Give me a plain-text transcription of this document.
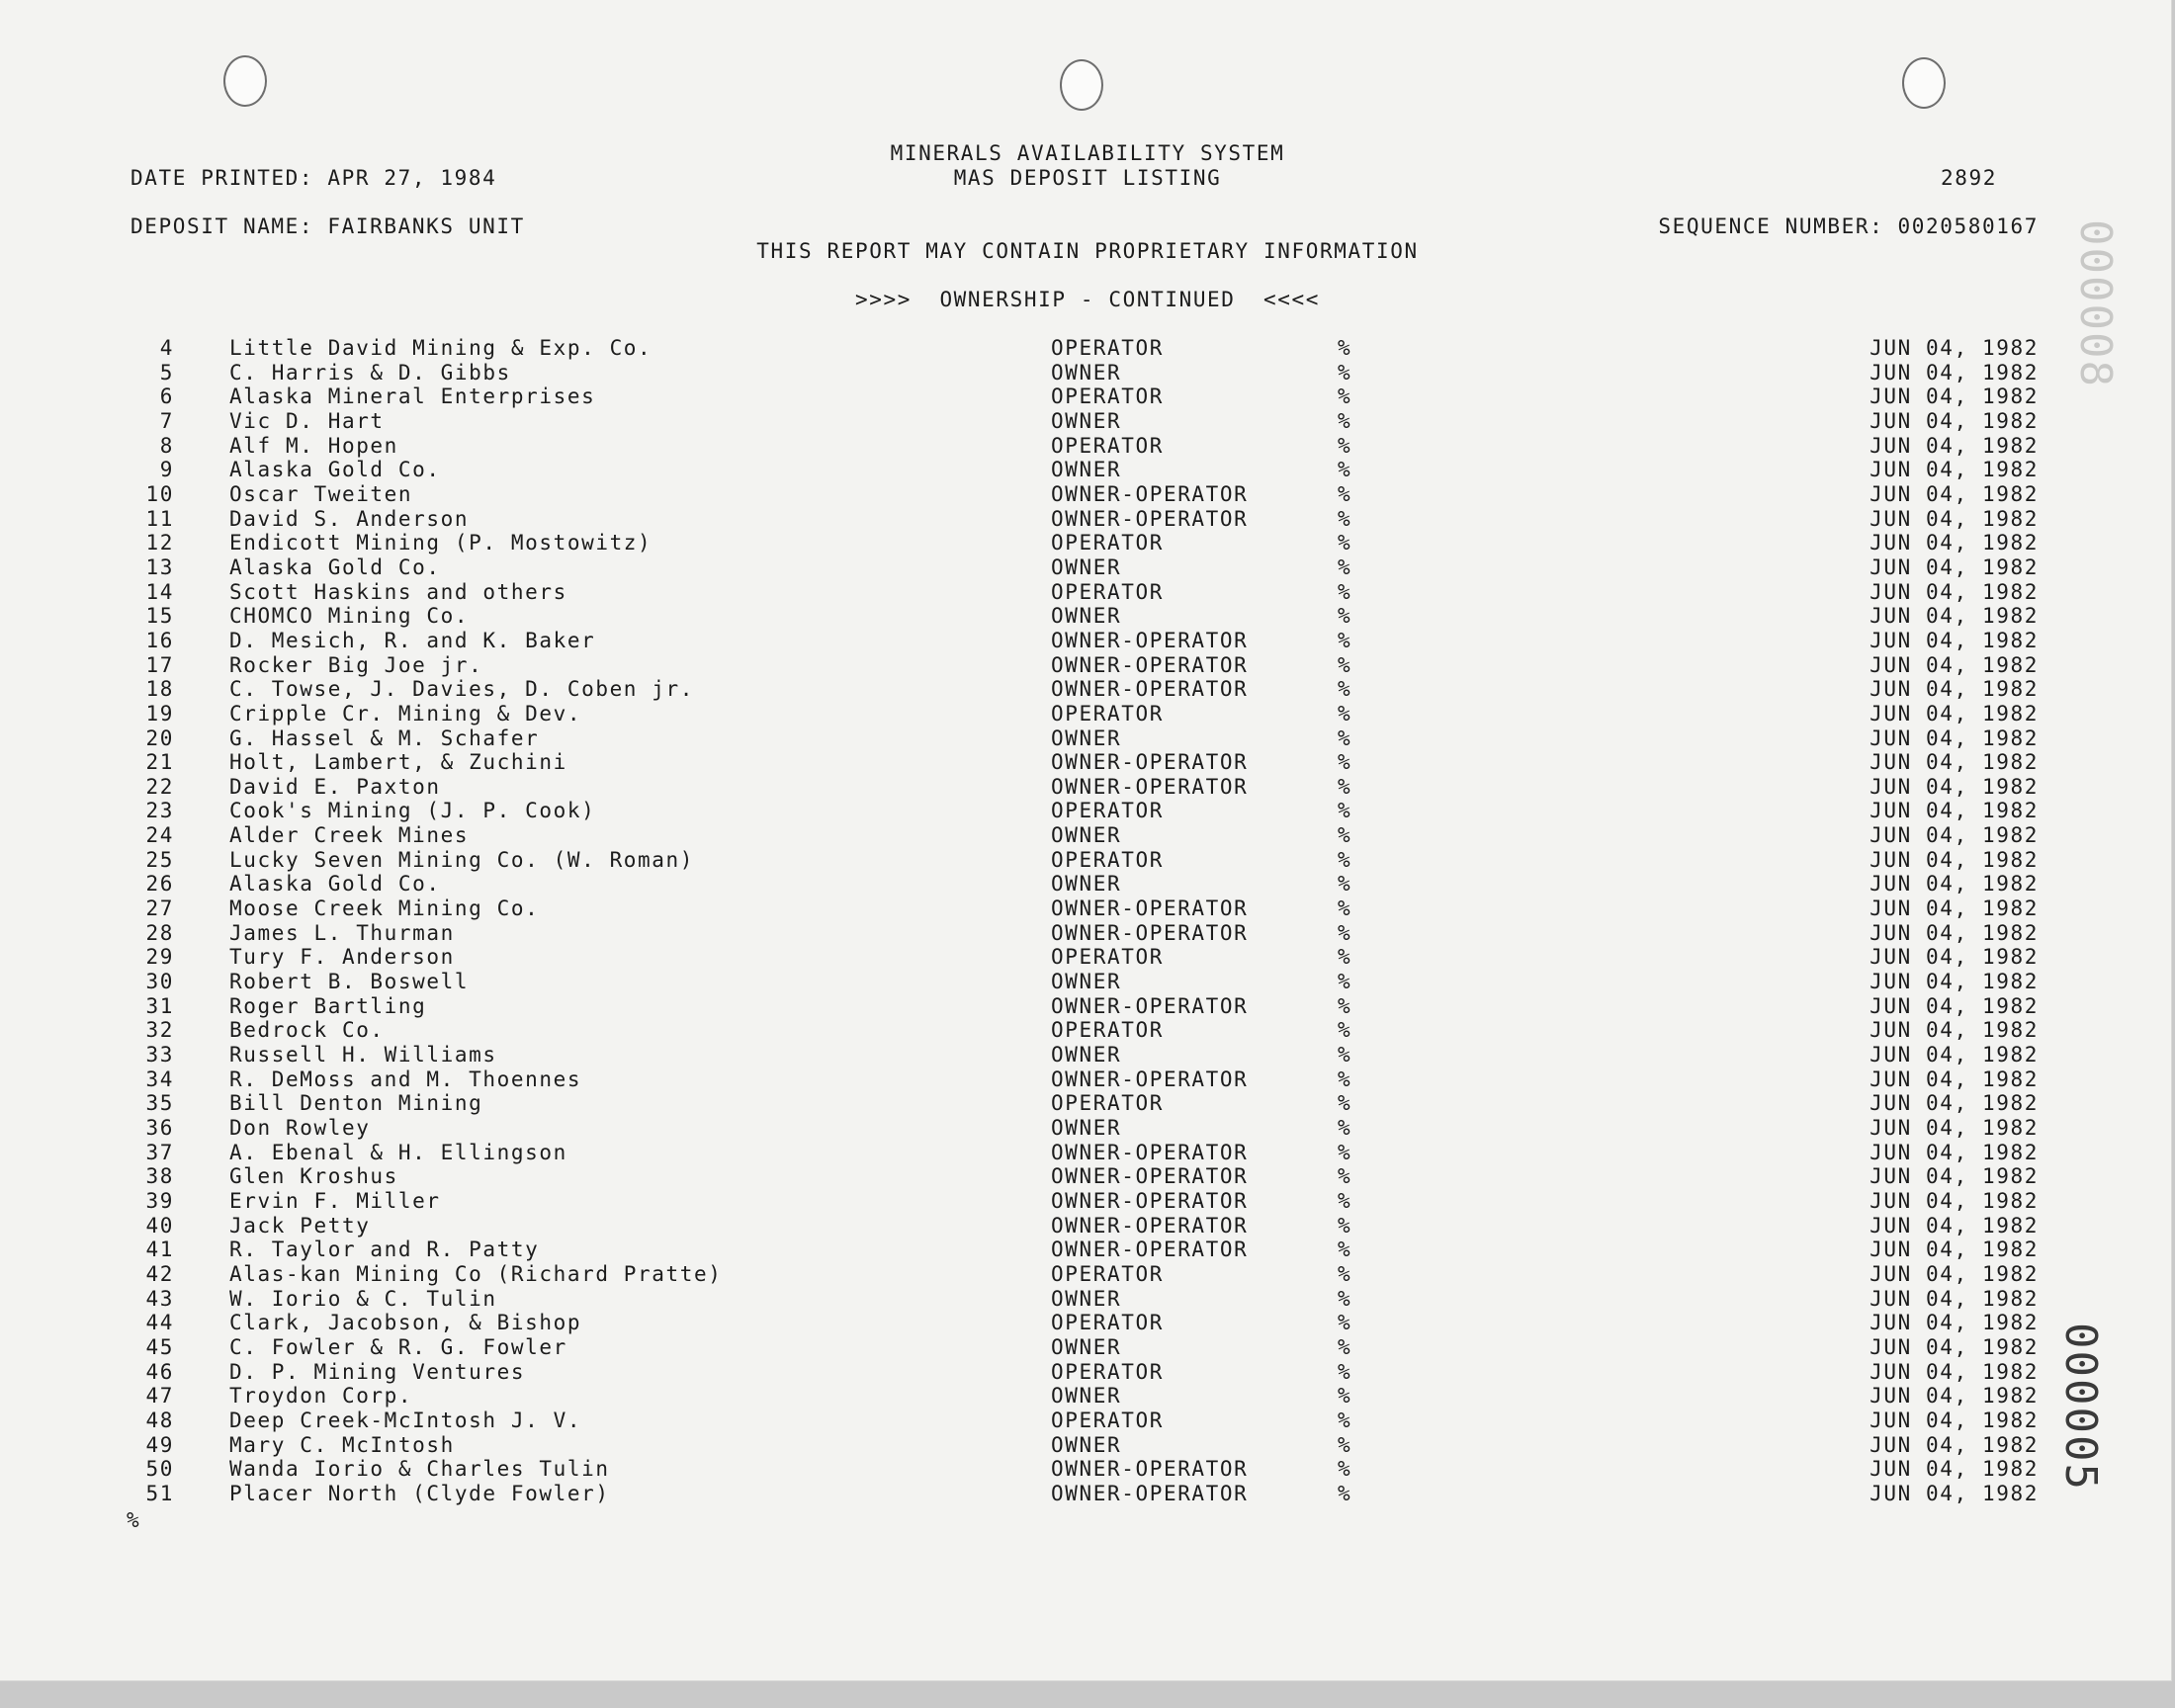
DATE PRINTED: APR 27, 1984
MINERALS AVAILABILITY SYSTEM
MAS DEPOSIT LISTING	2892
DEPOSIT NAME: FAIRBANKS UNIT	SEQUENCE NUMBER: 0020580167
THIS REPORT MAY CONTAIN PROPRIETARY INFORMATION
>>>>  OWNERSHIP - CONTINUED  <<<<
4	Little David Mining & Exp. Co.	OPERATOR	%	JUN 04, 1982
5	C. Harris & D. Gibbs	OWNER	%	JUN 04, 1982
6	Alaska Mineral Enterprises	OPERATOR	%	JUN 04, 1982
7	Vic D. Hart	OWNER	%	JUN 04, 1982
8	Alf M. Hopen	OPERATOR	%	JUN 04, 1982
9	Alaska Gold Co.	OWNER	%	JUN 04, 1982
10	Oscar Tweiten	OWNER-OPERATOR	%	JUN 04, 1982
11	David S. Anderson	OWNER-OPERATOR	%	JUN 04, 1982
12	Endicott Mining (P. Mostowitz)	OPERATOR	%	JUN 04, 1982
13	Alaska Gold Co.	OWNER	%	JUN 04, 1982
14	Scott Haskins and others	OPERATOR	%	JUN 04, 1982
15	CHOMCO Mining Co.	OWNER	%	JUN 04, 1982
16	D. Mesich, R. and K. Baker	OWNER-OPERATOR	%	JUN 04, 1982
17	Rocker Big Joe jr.	OWNER-OPERATOR	%	JUN 04, 1982
18	C. Towse, J. Davies, D. Coben jr.	OWNER-OPERATOR	%	JUN 04, 1982
19	Cripple Cr. Mining & Dev.	OPERATOR	%	JUN 04, 1982
20	G. Hassel & M. Schafer	OWNER	%	JUN 04, 1982
21	Holt, Lambert, & Zuchini	OWNER-OPERATOR	%	JUN 04, 1982
22	David E. Paxton	OWNER-OPERATOR	%	JUN 04, 1982
23	Cook's Mining (J. P. Cook)	OPERATOR	%	JUN 04, 1982
24	Alder Creek Mines	OWNER	%	JUN 04, 1982
25	Lucky Seven Mining Co. (W. Roman)	OPERATOR	%	JUN 04, 1982
26	Alaska Gold Co.	OWNER	%	JUN 04, 1982
27	Moose Creek Mining Co.	OWNER-OPERATOR	%	JUN 04, 1982
28	James L. Thurman	OWNER-OPERATOR	%	JUN 04, 1982
29	Tury F. Anderson	OPERATOR	%	JUN 04, 1982
30	Robert B. Boswell	OWNER	%	JUN 04, 1982
31	Roger Bartling	OWNER-OPERATOR	%	JUN 04, 1982
32	Bedrock Co.	OPERATOR	%	JUN 04, 1982
33	Russell H. Williams	OWNER	%	JUN 04, 1982
34	R. DeMoss and M. Thoennes	OWNER-OPERATOR	%	JUN 04, 1982
35	Bill Denton Mining	OPERATOR	%	JUN 04, 1982
36	Don Rowley	OWNER	%	JUN 04, 1982
37	A. Ebenal & H. Ellingson	OWNER-OPERATOR	%	JUN 04, 1982
38	Glen Kroshus	OWNER-OPERATOR	%	JUN 04, 1982
39	Ervin F. Miller	OWNER-OPERATOR	%	JUN 04, 1982
40	Jack Petty	OWNER-OPERATOR	%	JUN 04, 1982
41	R. Taylor and R. Patty	OWNER-OPERATOR	%	JUN 04, 1982
42	Alas-kan Mining Co (Richard Pratte)	OPERATOR	%	JUN 04, 1982
43	W. Iorio & C. Tulin	OWNER	%	JUN 04, 1982
44	Clark, Jacobson, & Bishop	OPERATOR	%	JUN 04, 1982
45	C. Fowler & R. G. Fowler	OWNER	%	JUN 04, 1982
46	D. P. Mining Ventures	OPERATOR	%	JUN 04, 1982
47	Troydon Corp.	OWNER	%	JUN 04, 1982
48	Deep Creek-McIntosh J. V.	OPERATOR	%	JUN 04, 1982
49	Mary C. McIntosh	OWNER	%	JUN 04, 1982
50	Wanda Iorio & Charles Tulin	OWNER-OPERATOR	%	JUN 04, 1982
51	Placer North (Clyde Fowler)	OWNER-OPERATOR	%	JUN 04, 1982
%
000005
000008
